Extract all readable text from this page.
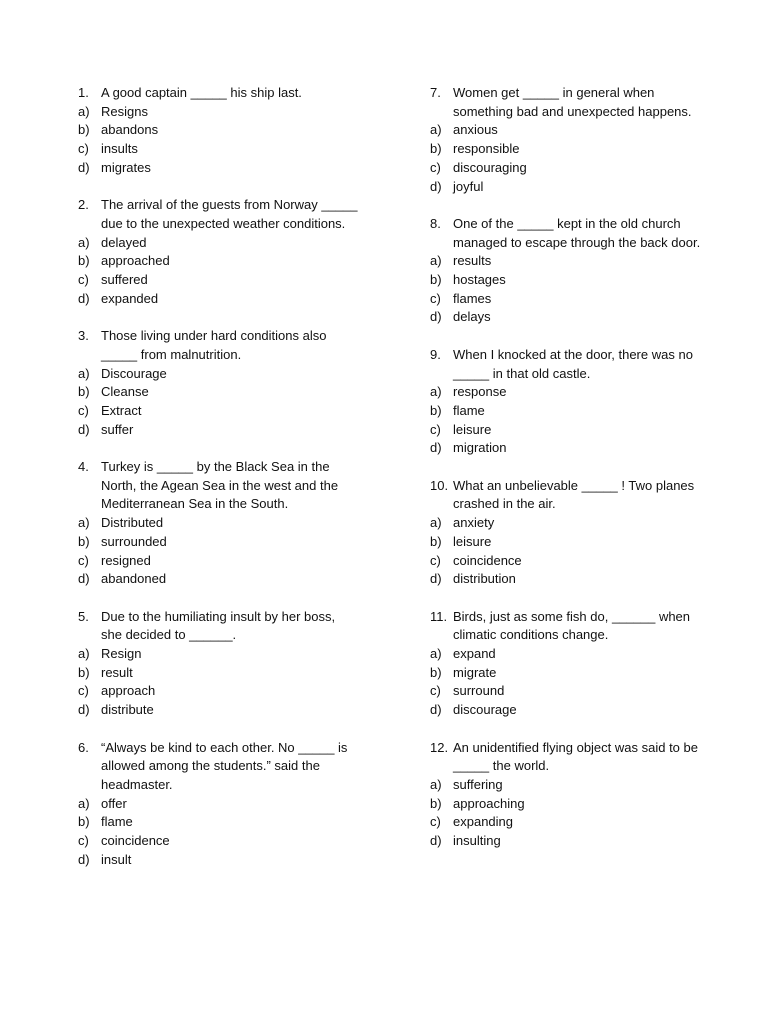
1. A good captain _____ his ship last.
a) Resigns
b) abandons
c) insults
d) migrates
2. The arrival of the guests from Norway _____
due to the unexpected weather conditions.
a) delayed
b) approached
c) suffered
d) expanded
3. Those living under hard conditions also
_____ from malnutrition.
a) Discourage
b) Cleanse
c) Extract
d) suffer
4. Turkey is _____ by the Black Sea in the
North, the Agean Sea in the west and the
Mediterranean Sea in the South.
a) Distributed
b) surrounded
c) resigned
d) abandoned
5. Due to the humiliating insult by her boss,
she decided to ______.
a) Resign
b) result
c) approach
d) distribute
6. “Always be kind to each other. No _____ is
allowed among the students.” said the
headmaster.
a) offer
b) flame
c) coincidence
d) insult
7. Women get _____ in general when
something bad and unexpected happens.
a) anxious
b) responsible
c) discouraging
d) joyful
8. One of the _____ kept in the old church
managed to escape through the back door.
a) results
b) hostages
c) flames
d) delays
9. When I knocked at the door, there was no
_____ in that old castle.
a) response
b) flame
c) leisure
d) migration
10. What an unbelievable _____ ! Two planes
crashed in the air.
a) anxiety
b) leisure
c) coincidence
d) distribution
11. Birds, just as some fish do, ______ when
climatic conditions change.
a) expand
b) migrate
c) surround
d) discourage
12. An unidentified flying object was said to be
_____ the world.
a) suffering
b) approaching
c) expanding
d) insulting
